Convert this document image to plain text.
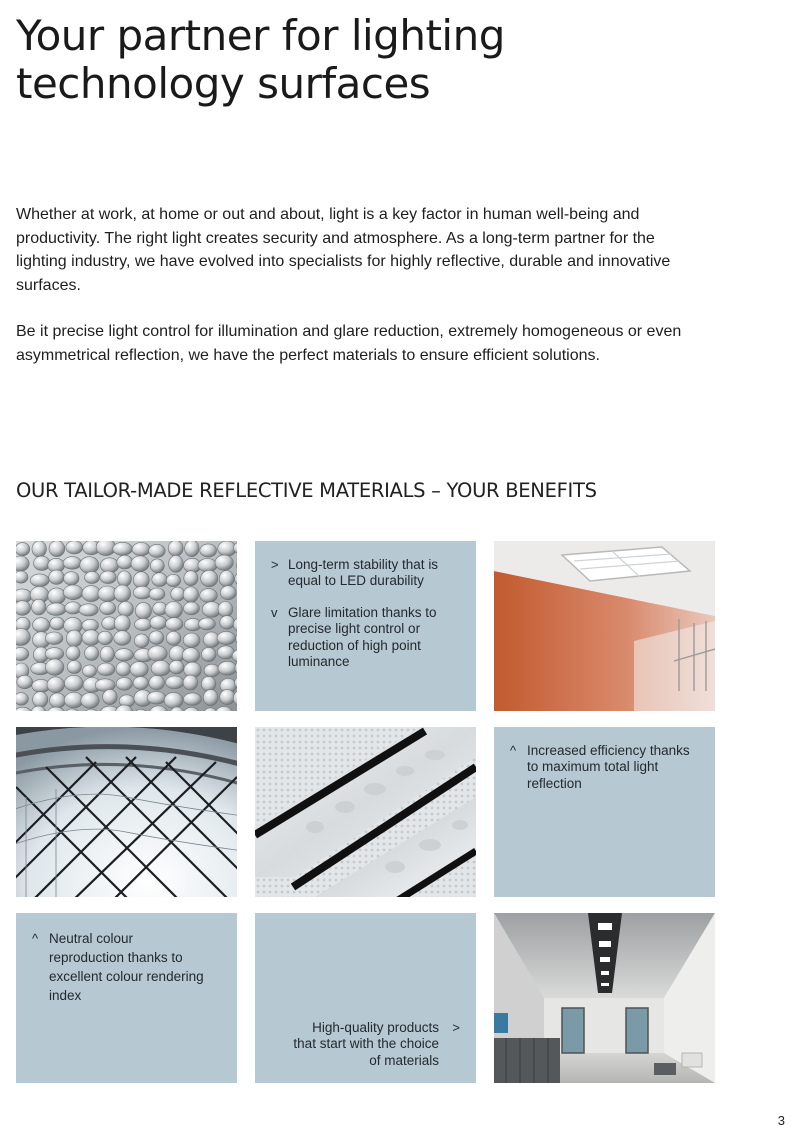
Your partner for lighting
technology surfaces

Whether at work, at home or out and about, light is a key factor in human well-being and productivity. The right light creates security and atmosphere. As a long-term partner for the lighting industry, we have evolved into specialists for highly reflective, durable and innovative surfaces.

Be it precise light control for illumination and glare reduction, extremely homogeneous or even asymmetrical reflection, we have the perfect materials to ensure efficient solutions.

OUR TAILOR-MADE REFLECTIVE MATERIALS – YOUR BENEFITS
> Long-term stability that is equal to LED durability
v Glare limitation thanks to precise light control or reduction of high point luminance
^ Increased efficiency thanks to maximum total light reflection
^ Neutral colour reproduction thanks to excellent colour rendering index
>
High-quality products that start with the choice of materials
3
